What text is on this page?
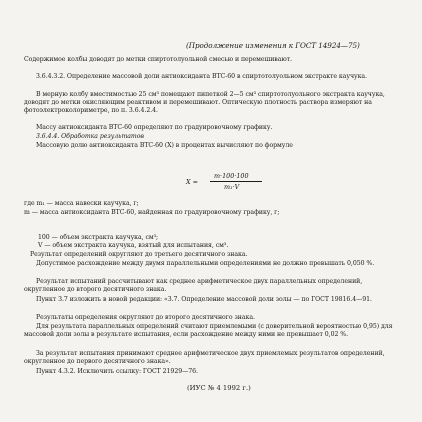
(Продолжение изменения к ГОСТ 14924—75)
Содержимое колбы доводят до метки спиртотолуольной смесью и перемешивают.
3.6.4.3.2. Определение массовой доли антиоксиданта ВТС-60 в спиртотолуольном экстракте каучука.
В мерную колбу вместимостью 25 см³ помещают пипеткой 2—5 см³ спиртотолуольного экстракта каучука, доводят до метки окисляющим реактивом и перемешивают. Оптическую плотность раствора измеряют на фотоэлектроколориметре, по п. 3.6.4.2.4.
Массу антиоксиданта ВТС-60 определяют по градуировочному графику.
3.6.4.4. Обработка результатов
Массовую долю антиоксиданта ВТС-60 (X) в процентах вычисляют по формуле
X =
m·100·100
m₁·V
где m₁ — масса навески каучука, г;
m — масса антиоксиданта ВТС-60, найденная по градуировочному графику, г;
100 — объем экстракта каучука, см³;
V — объем экстракта каучука, взятый для испытания, см³.
Результат определений округляют до третьего десятичного знака.
Допустимое расхождение между двумя параллельными определениями не должно превышать 0,050 %.
Результат испытаний рассчитывают как среднее арифметическое двух параллельных определений, округленное до второго десятичного знака.
Пункт 3.7 изложить в новой редакции: «3.7. Определение массовой доли золы — по ГОСТ 19816.4—91.
Результаты определения округляют до второго десятичного знака.
Для результата параллельных определений считают приемлемыми (с доверительной вероятностью 0,95) для массовой доли золы в результате испытания, если расхождение между ними не превышает 0,02 %.
За результат испытания принимают среднее арифметическое двух приемлемых результатов определений, округленное до первого десятичного знака».
Пункт 4.3.2. Исключить ссылку: ГОСТ 21929—76.
(ИУС № 4 1992 г.)
